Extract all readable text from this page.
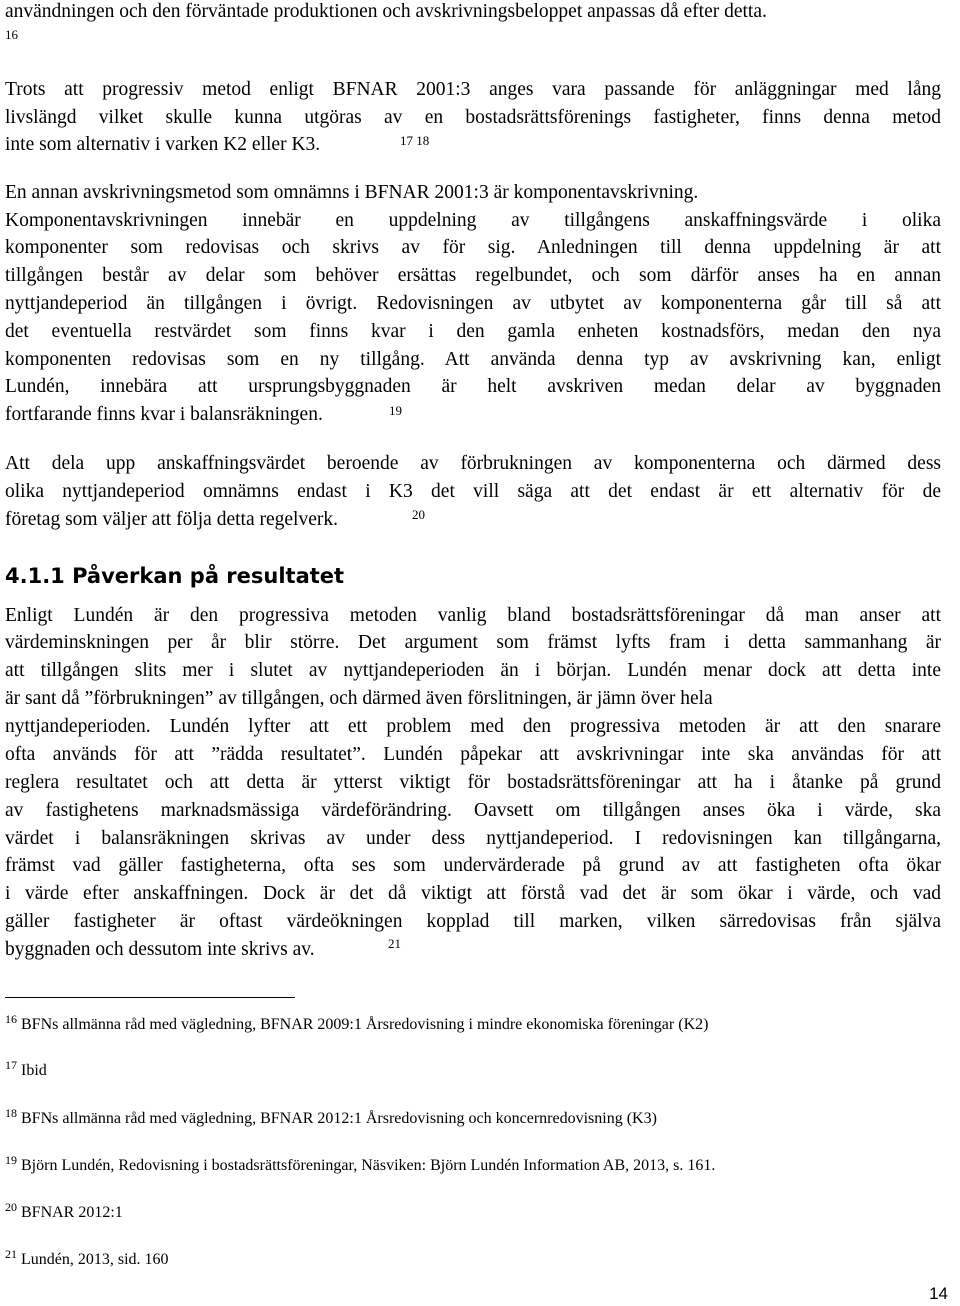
användningen och den förväntade produktionen och avskrivningsbeloppet anpassas då efter detta.
16
Trots att progressiv metod enligt BFNAR 2001:3 anges vara passande för anläggningar med lång
livslängd vilket skulle kunna utgöras av en bostadsrättsförenings fastigheter, finns denna metod
inte som alternativ i varken K2 eller K3.	17 18
En annan avskrivningsmetod som omnämns i BFNAR 2001:3 är komponentavskrivning.
Komponentavskrivningen innebär en uppdelning av tillgångens anskaffningsvärde i olika
komponenter som redovisas och skrivs av för sig. Anledningen till denna uppdelning är att
tillgången består av delar som behöver ersättas regelbundet, och som därför anses ha en annan
nyttjandeperiod än tillgången i övrigt. Redovisningen av utbytet av komponenterna går till så att
det eventuella restvärdet som finns kvar i den gamla enheten kostnadsförs, medan den nya
komponenten redovisas som en ny tillgång. Att använda denna typ av avskrivning kan, enligt
Lundén, innebära att ursprungsbyggnaden är helt avskriven medan delar av byggnaden
fortfarande finns kvar i balansräkningen.	19
Att dela upp anskaffningsvärdet beroende av förbrukningen av komponenterna och därmed dess
olika nyttjandeperiod omnämns endast i K3 det vill säga att det endast är ett alternativ för de
företag som väljer att följa detta regelverk.	20
4.1.1 Påverkan på resultatet
Enligt Lundén är den progressiva metoden vanlig bland bostadsrättsföreningar då man anser att
värdeminskningen per år blir större. Det argument som främst lyfts fram i detta sammanhang är
att tillgången slits mer i slutet av nyttjandeperioden än i början. Lundén menar dock att detta inte
är sant då ”förbrukningen” av tillgången, och därmed även förslitningen, är jämn över hela
nyttjandeperioden. Lundén lyfter att ett problem med den progressiva metoden är att den snarare
ofta används för att ”rädda resultatet”. Lundén påpekar att avskrivningar inte ska användas för att
reglera resultatet och att detta är ytterst viktigt för bostadsrättsföreningar att ha i åtanke på grund
av fastighetens marknadsmässiga värdeförändring. Oavsett om tillgången anses öka i värde, ska
värdet i balansräkningen skrivas av under dess nyttjandeperiod. I redovisningen kan tillgångarna,
främst vad gäller fastigheterna, ofta ses som undervärderade på grund av att fastigheten ofta ökar
i värde efter anskaffningen. Dock är det då viktigt att förstå vad det är som ökar i värde, och vad
gäller fastigheter är oftast värdeökningen kopplad till marken, vilken särredovisas från själva
byggnaden och dessutom inte skrivs av.	21
$^{16}$ BFNs allmänna råd med vägledning, BFNAR 2009:1 Årsredovisning i mindre ekonomiska föreningar (K2)
$^{17}$ Ibid
$^{18}$ BFNs allmänna råd med vägledning, BFNAR 2012:1 Årsredovisning och koncernredovisning (K3)
$^{19}$ Björn Lundén, Redovisning i bostadsrättsföreningar, Näsviken: Björn Lundén Information AB, 2013, s. 161.
$^{20}$ BFNAR 2012:1
$^{21}$ Lundén, 2013, sid. 160
14
